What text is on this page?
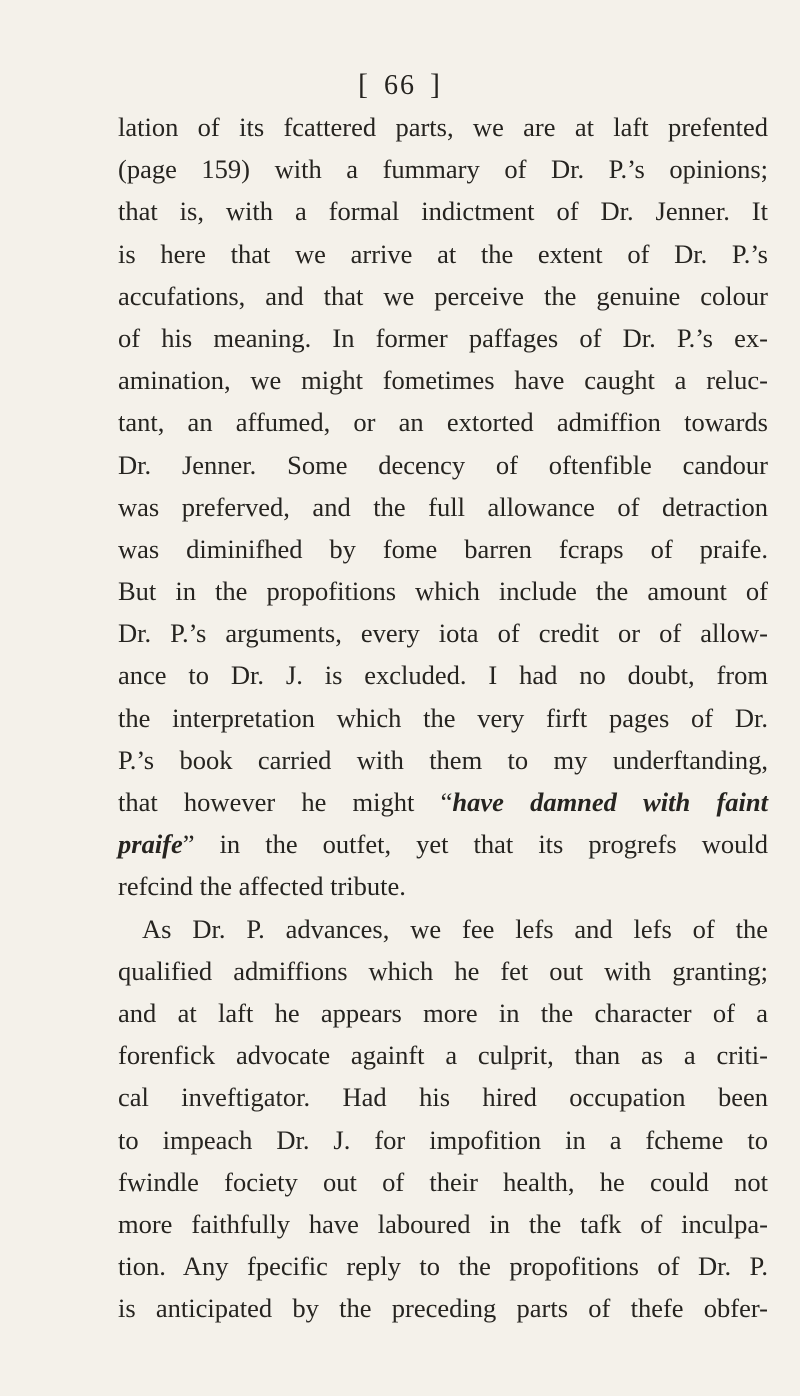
[ 66 ]
lation of its fcattered parts, we are at laft prefented
(page 159) with a fummary of Dr. P.’s opinions;
that is, with a formal indictment of Dr. Jenner. It
is here that we arrive at the extent of Dr. P.’s
accufations, and that we perceive the genuine colour
of his meaning. In former paffages of Dr. P.’s ex-
amination, we might fometimes have caught a reluc-
tant, an affumed, or an extorted admiffion towards
Dr. Jenner. Some decency of oftenfible candour
was preferved, and the full allowance of detraction
was diminifhed by fome barren fcraps of praife.
But in the propofitions which include the amount of
Dr. P.’s arguments, every iota of credit or of allow-
ance to Dr. J. is excluded. I had no doubt, from
the interpretation which the very firft pages of Dr.
P.’s book carried with them to my underftanding,
that however he might “have damned with faint
praife” in the outfet, yet that its progrefs would
refcind the affected tribute.
As Dr. P. advances, we fee lefs and lefs of the
qualified admiffions which he fet out with granting;
and at laft he appears more in the character of a
forenfick advocate againft a culprit, than as a criti-
cal inveftigator. Had his hired occupation been
to impeach Dr. J. for impofition in a fcheme to
fwindle fociety out of their health, he could not
more faithfully have laboured in the tafk of inculpa-
tion. Any fpecific reply to the propofitions of Dr. P.
is anticipated by the preceding parts of thefe obfer-
